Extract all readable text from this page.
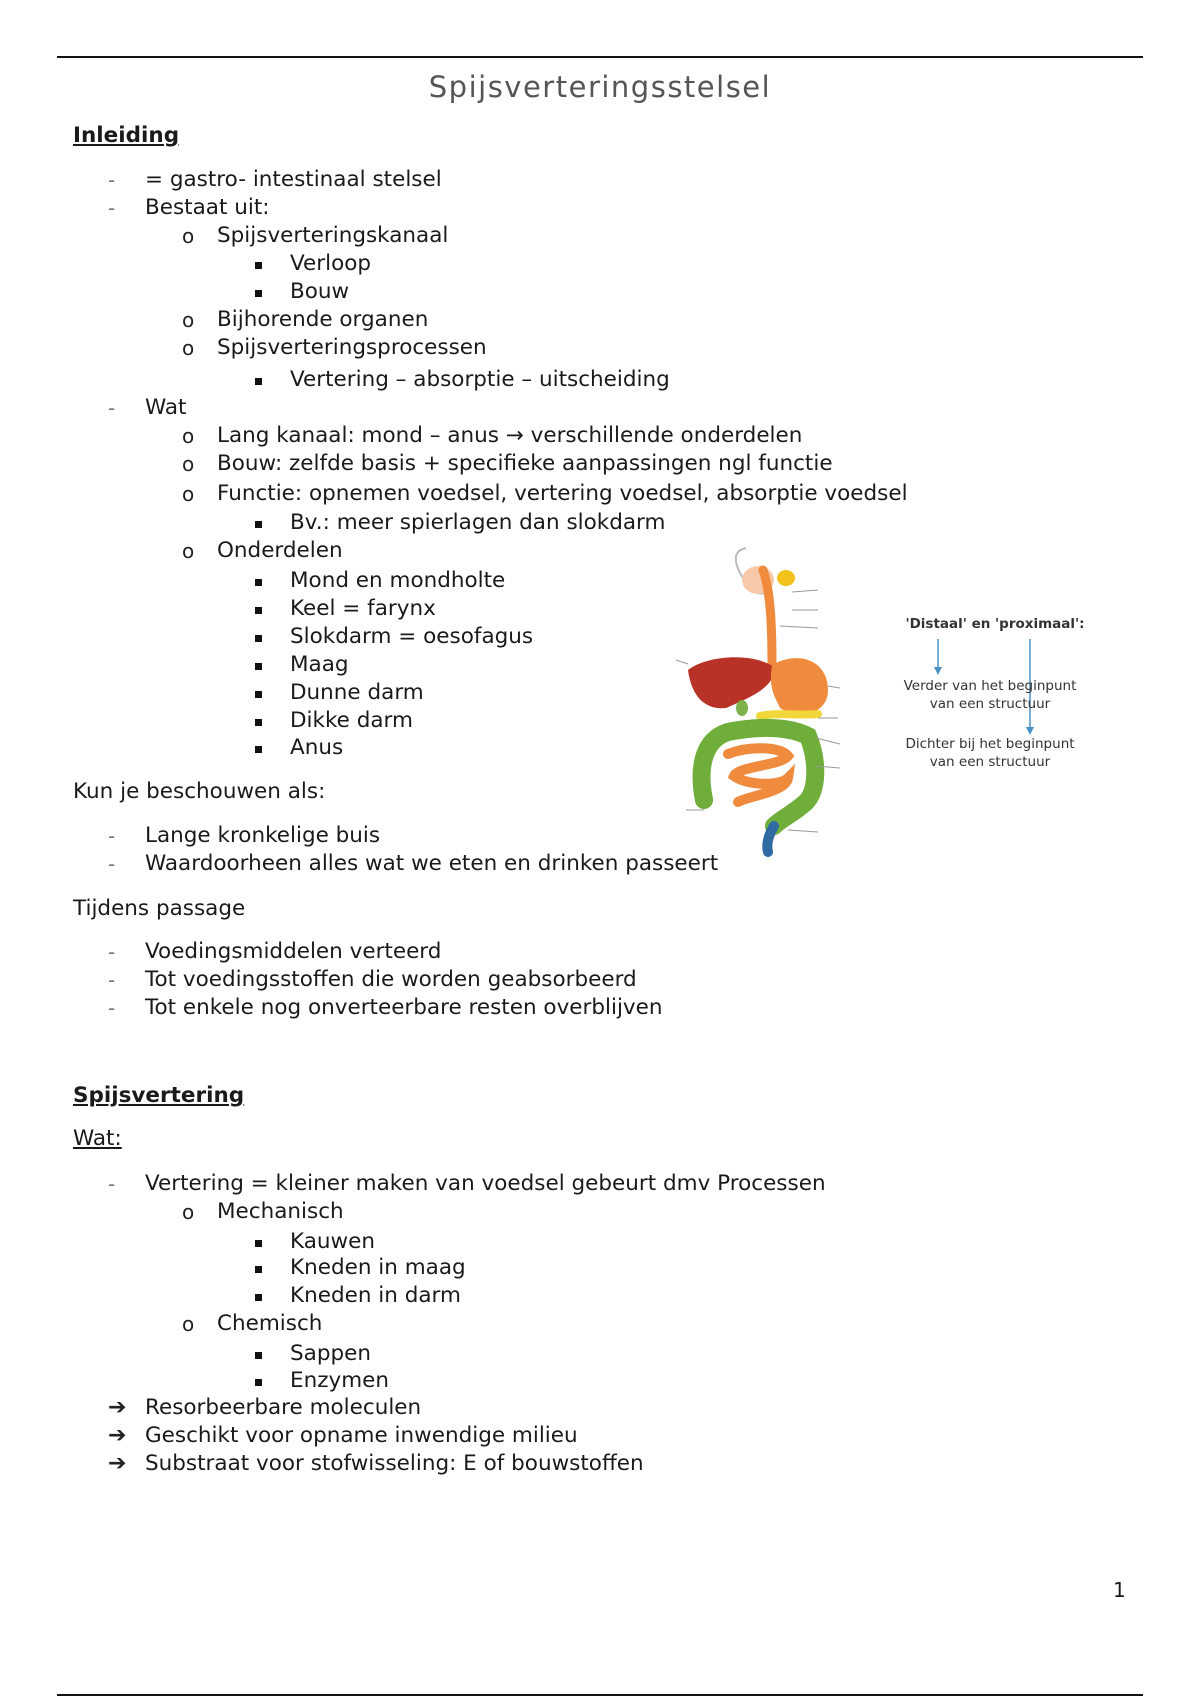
Spijsverteringsstelsel
Inleiding
- = gastro- intestinaal stelsel
- Bestaat uit:
o Spijsverteringskanaal
Verloop
Bouw
o Bijhorende organen
o Spijsverteringsprocessen
Vertering – absorptie – uitscheiding
- Wat
o Lang kanaal: mond – anus → verschillende onderdelen
o Bouw: zelfde basis + specifieke aanpassingen ngl functie
o Functie: opnemen voedsel, vertering voedsel, absorptie voedsel
Bv.: meer spierlagen dan slokdarm
o Onderdelen
Mond en mondholte
Keel = farynx
Slokdarm = oesofagus
Maag
Dunne darm
Dikke darm
Anus
Kun je beschouwen als:
- Lange kronkelige buis
- Waardoorheen alles wat we eten en drinken passeert
Tijdens passage
- Voedingsmiddelen verteerd
- Tot voedingsstoffen die worden geabsorbeerd
- Tot enkele nog onverteerbare resten overblijven
Spijsvertering
Wat:
- Vertering = kleiner maken van voedsel gebeurt dmv Processen
o Mechanisch
Kauwen
Kneden in maag
Kneden in darm
o Chemisch
Sappen
Enzymen
➔ Resorbeerbare moleculen
➔ Geschikt voor opname inwendige milieu
➔ Substraat voor stofwisseling: E of bouwstoffen
'Distaal' en 'proximaal':
Verder van het beginpunt van een structuur
Dichter bij het beginpunt van een structuur
1
